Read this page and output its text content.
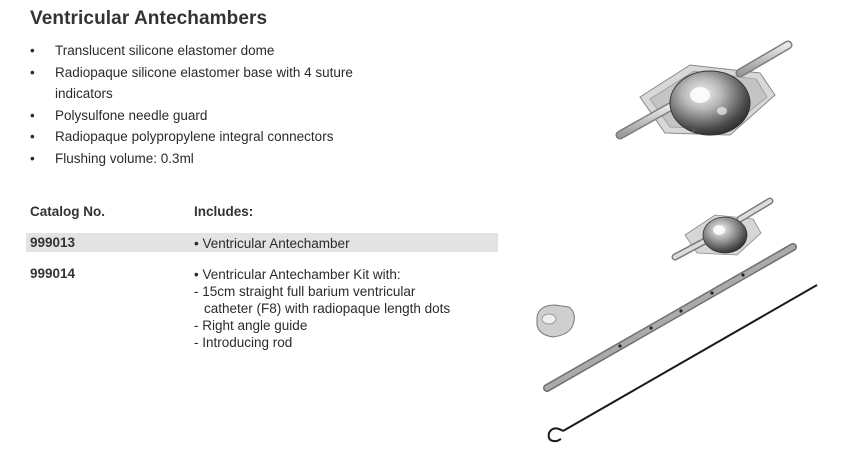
Ventricular Antechambers
• Translucent silicone elastomer dome
• Radiopaque silicone elastomer base with 4 suture
indicators
• Polysulfone needle guard
• Radiopaque polypropylene integral connectors
• Flushing volume: 0.3ml
Catalog No.	Includes:
999013	• Ventricular Antechamber
999014	• Ventricular Antechamber Kit with:
- 15cm straight full barium ventricular
catheter (F8) with radiopaque length dots
- Right angle guide
- Introducing rod
